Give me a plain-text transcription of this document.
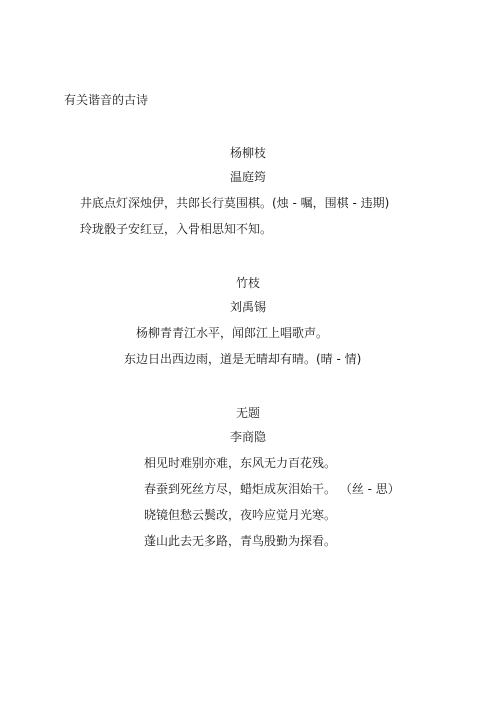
有关谐音的古诗

杨柳枝

温庭筠

井底点灯深烛伊，共郎长行莫围棋。(烛 - 嘱，围棋 - 违期)

玲珑骰子安红豆，入骨相思知不知。

竹枝

刘禹锡

杨柳青青江水平，闻郎江上唱歌声。

东边日出西边雨，道是无晴却有晴。(晴 - 情)

无题

李商隐

相见时难别亦难，东风无力百花残。

春蚕到死丝方尽，蜡炬成灰泪始干。 （丝 - 思）

晓镜但愁云鬓改，夜吟应觉月光寒。

蓬山此去无多路，青鸟殷勤为探看。
